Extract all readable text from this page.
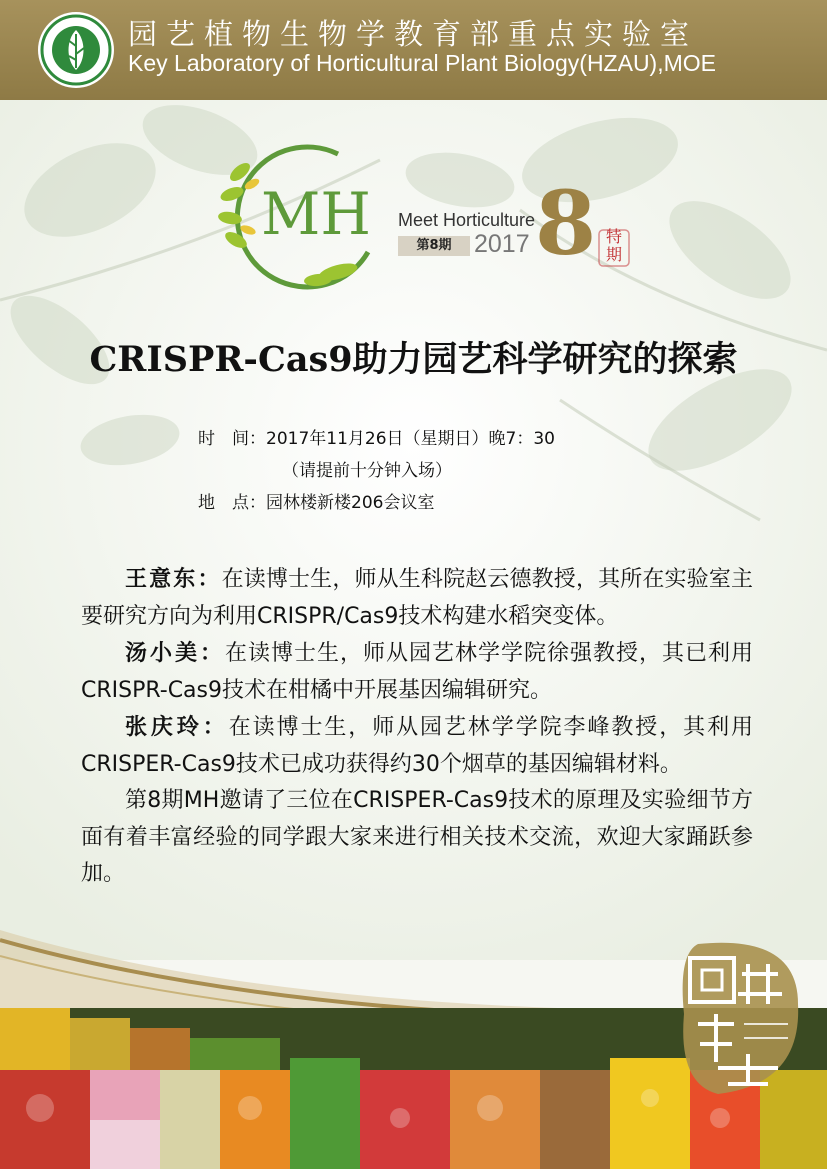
园艺植物生物学教育部重点实验室
Key Laboratory of Horticultural Plant Biology(HZAU),MOE
MH Meet Horticulture
第8期 2017 8 特
期
CRISPR-Cas9助力园艺科学研究的探索
时　间：2017年11月26日（星期日）晚7：30
（请提前十分钟入场）
地　点：园林楼新楼206会议室

王意东：在读博士生，师从生科院赵云德教授，其所在实验室主要研究方向为利用CRISPR/Cas9技术构建水稻突变体。

汤小美：在读博士生，师从园艺林学学院徐强教授，其已利用CRISPR-Cas9技术在柑橘中开展基因编辑研究。

张庆玲：在读博士生，师从园艺林学学院李峰教授，其利用CRISPER-Cas9技术已成功获得约30个烟草的基因编辑材料。

第8期MH邀请了三位在CRISPER-Cas9技术的原理及实验细节方面有着丰富经验的同学跟大家来进行相关技术交流，欢迎大家踊跃参加。
